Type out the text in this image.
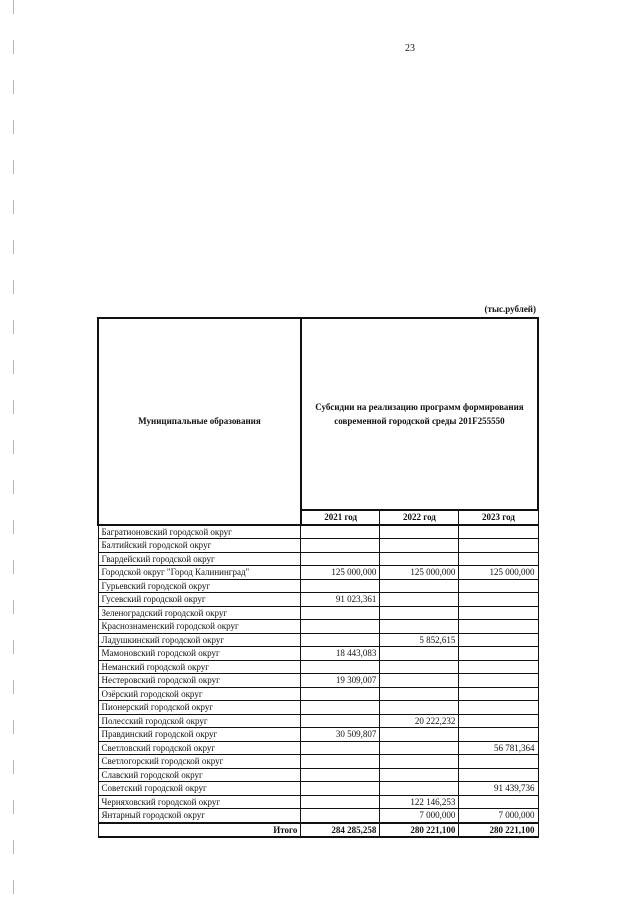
23
(тыс.рублей)
Муниципальные образования	Субсидии на реализацию программ формирования современной городской среды 201F255550		
	2021 год	2022 год	2023 год
Багратионовский городской округ			
Балтийский городской округ			
Гвардейский городской округ			
Городской округ "Город Калининград"	125 000,000	125 000,000	125 000,000
Гурьевский городской округ			
Гусевский городской округ	91 023,361		
Зеленоградский городской округ			
Краснознаменский городской округ			
Ладушкинский городской округ		5 852,615	
Мамоновский городской округ	18 443,083		
Неманский городской округ			
Нестеровский городской округ	19 309,007		
Озёрский городской округ			
Пионерский городской округ			
Полесский городской округ		20 222,232	
Правдинский городской округ	30 509,807		
Светловский городской округ			56 781,364
Светлогорский городской округ			
Славский городской округ			
Советский городской округ			91 439,736
Черняховский городской округ		122 146,253	
Янтарный городской округ		7 000,000	7 000,000
Итого	284 285,258	280 221,100	280 221,100
